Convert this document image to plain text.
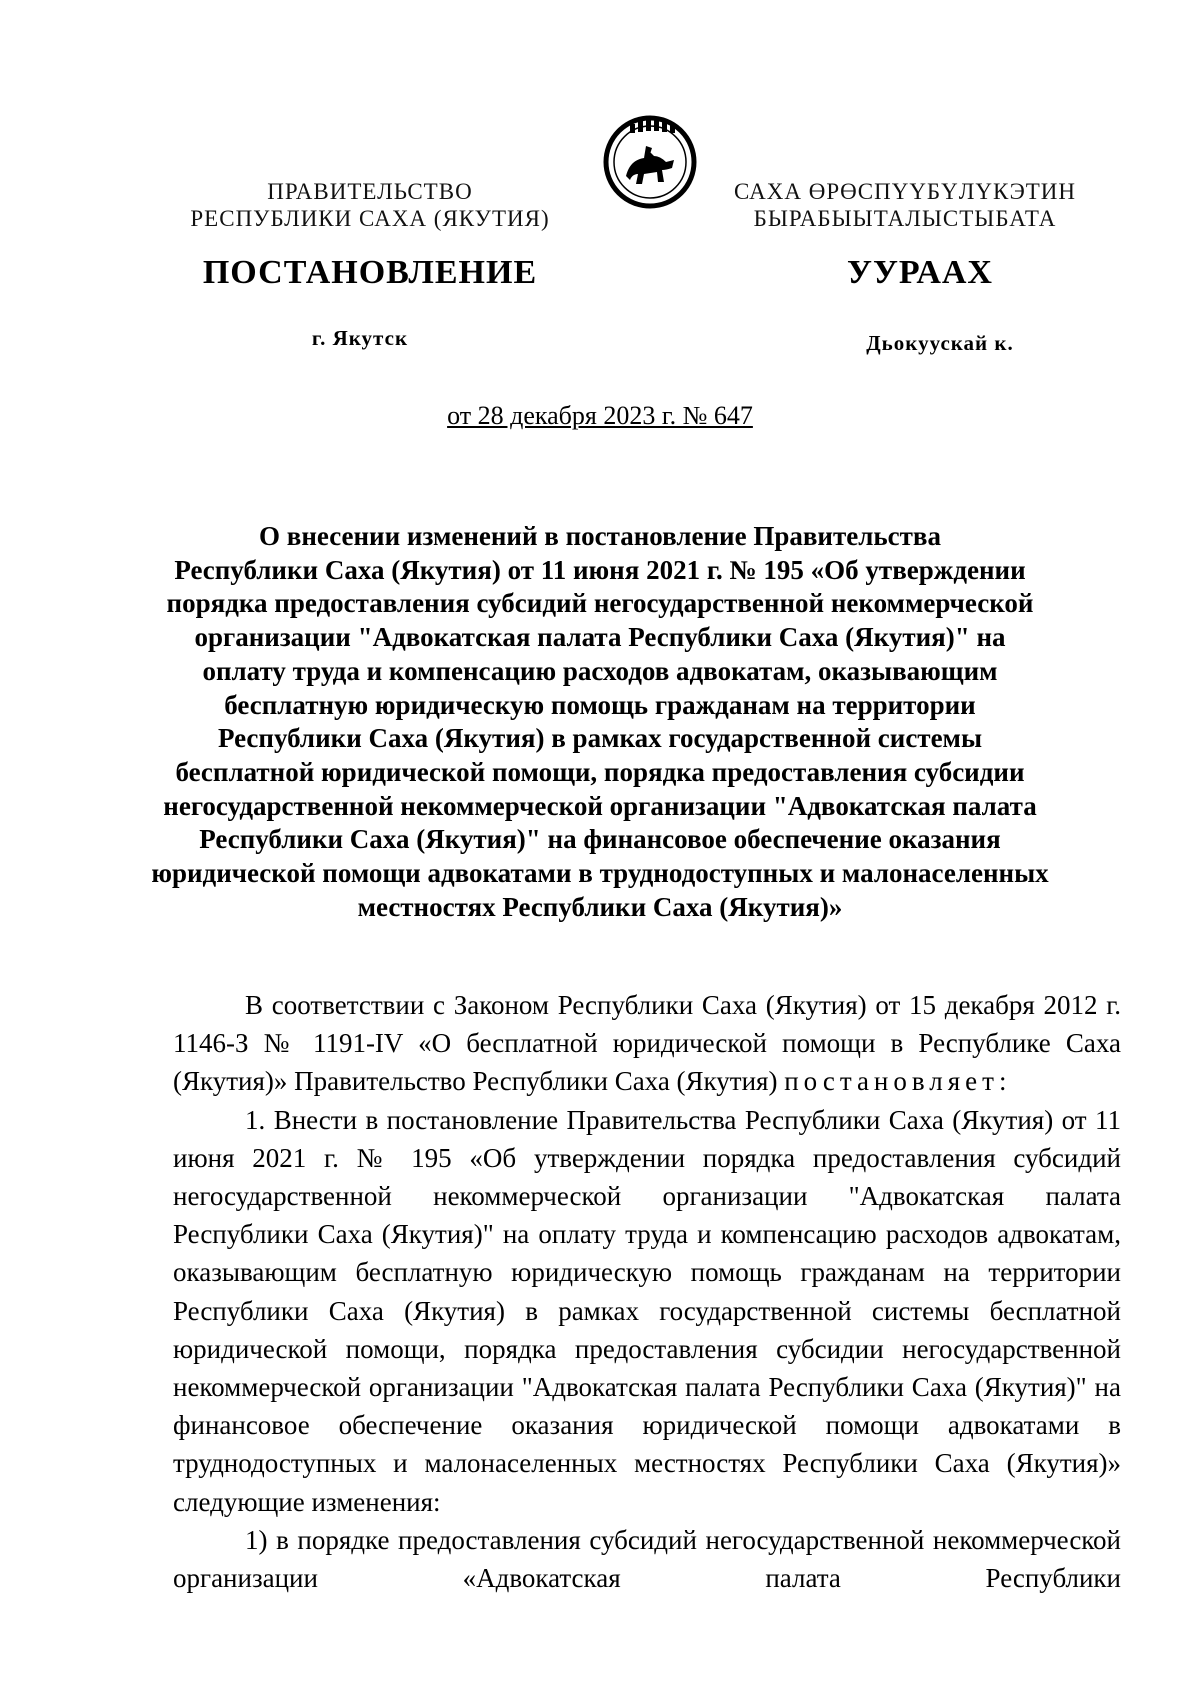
ПРАВИТЕЛЬСТВО
РЕСПУБЛИКИ САХА (ЯКУТИЯ)
САХА ӨРӨСПҮҮБҮЛҮКЭТИН
БЫРАБЫЫТАЛЫСТЫБАТА
ПОСТАНОВЛЕНИЕ	УУРААХ
г. Якутск	Дьокуускай к.
от 28 декабря 2023 г. № 647
О внесении изменений в постановление Правительства
Республики Саха (Якутия) от 11 июня 2021 г. № 195 «Об утверждении
порядка предоставления субсидий негосударственной некоммерческой
организации "Адвокатская палата Республики Саха (Якутия)" на
оплату труда и компенсацию расходов адвокатам, оказывающим
бесплатную юридическую помощь гражданам на территории
Республики Саха (Якутия) в рамках государственной системы
бесплатной юридической помощи, порядка предоставления субсидии
негосударственной некоммерческой организации "Адвокатская палата
Республики Саха (Якутия)" на финансовое обеспечение оказания
юридической помощи адвокатами в труднодоступных и малонаселенных
местностях Республики Саха (Якутия)»

В соответствии с Законом Республики Саха (Якутия) от 15 декабря 2012 г. 1146-З № 1191-IV «О бесплатной юридической помощи в Республике Саха (Якутия)» Правительство Республики Саха (Якутия) постановляет:

1. Внести в постановление Правительства Республики Саха (Якутия) от 11 июня 2021 г. № 195 «Об утверждении порядка предоставления субсидий негосударственной некоммерческой организации "Адвокатская палата Республики Саха (Якутия)" на оплату труда и компенсацию расходов адвокатам, оказывающим бесплатную юридическую помощь гражданам на территории Республики Саха (Якутия) в рамках государственной системы бесплатной юридической помощи, порядка предоставления субсидии негосударственной некоммерческой организации "Адвокатская палата Республики Саха (Якутия)" на финансовое обеспечение оказания юридической помощи адвокатами в труднодоступных и малонаселенных местностях Республики Саха (Якутия)» следующие изменения:

1) в порядке предоставления субсидий негосударственной некоммерческой организации «Адвокатская палата Республики
